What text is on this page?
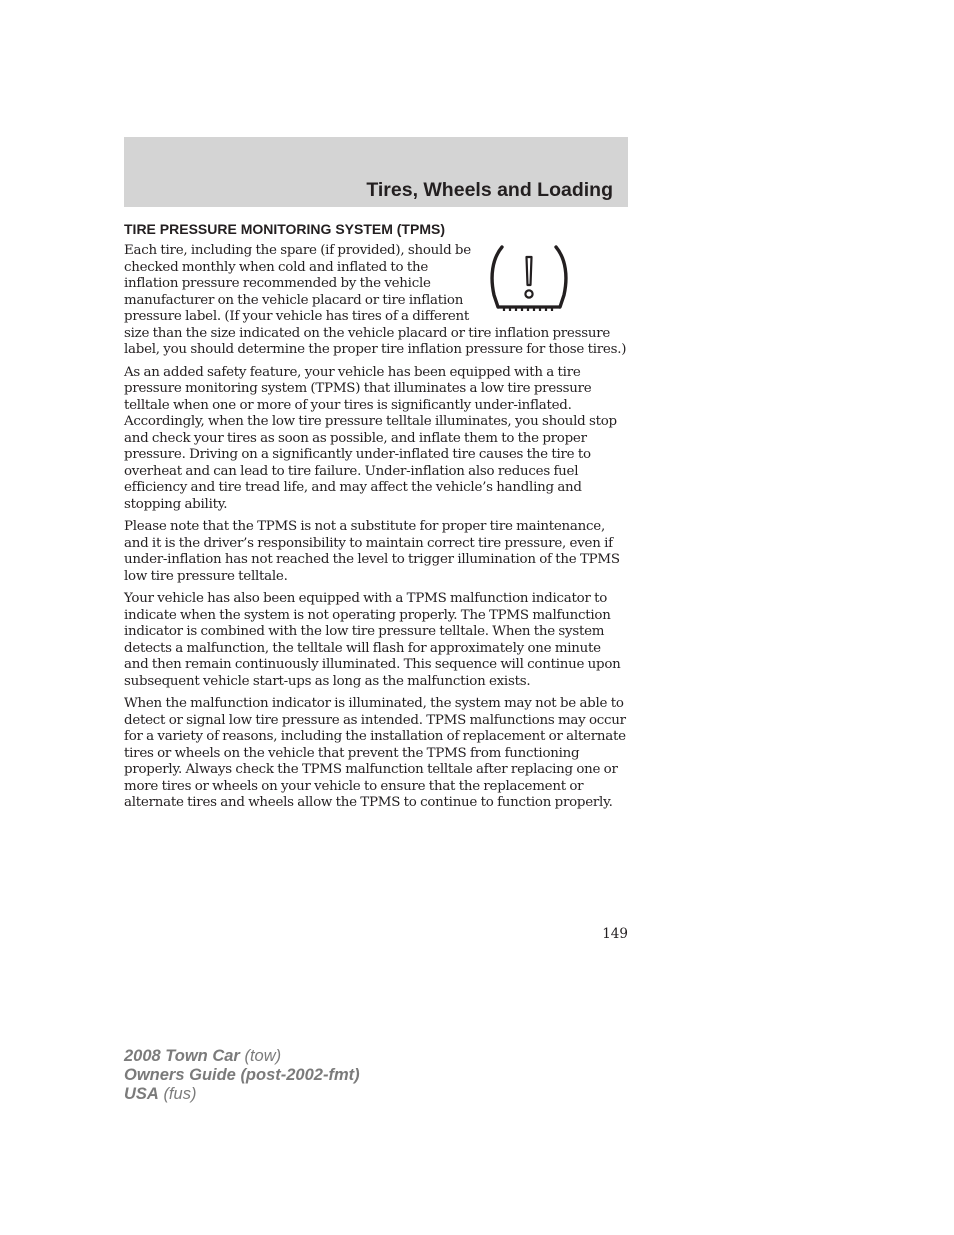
Tires, Wheels and Loading
TIRE PRESSURE MONITORING SYSTEM (TPMS)

Each tire, including the spare (if provided), should be checked monthly when cold and inflated to the inflation pressure recommended by the vehicle manufacturer on the vehicle placard or tire inflation pressure label. (If your vehicle has tires of a different size than the size indicated on the vehicle placard or tire inflation pressure label, you should determine the proper tire inflation pressure for those tires.)

As an added safety feature, your vehicle has been equipped with a tire pressure monitoring system (TPMS) that illuminates a low tire pressure telltale when one or more of your tires is significantly under-inflated. Accordingly, when the low tire pressure telltale illuminates, you should stop and check your tires as soon as possible, and inflate them to the proper pressure. Driving on a significantly under-inflated tire causes the tire to overheat and can lead to tire failure. Under-inflation also reduces fuel efficiency and tire tread life, and may affect the vehicle’s handling and stopping ability.

Please note that the TPMS is not a substitute for proper tire maintenance, and it is the driver’s responsibility to maintain correct tire pressure, even if under-inflation has not reached the level to trigger illumination of the TPMS low tire pressure telltale.

Your vehicle has also been equipped with a TPMS malfunction indicator to indicate when the system is not operating properly. The TPMS malfunction indicator is combined with the low tire pressure telltale. When the system detects a malfunction, the telltale will flash for approximately one minute and then remain continuously illuminated. This sequence will continue upon subsequent vehicle start-ups as long as the malfunction exists.

When the malfunction indicator is illuminated, the system may not be able to detect or signal low tire pressure as intended. TPMS malfunctions may occur for a variety of reasons, including the installation of replacement or alternate tires or wheels on the vehicle that prevent the TPMS from functioning properly. Always check the TPMS malfunction telltale after replacing one or more tires or wheels on your vehicle to ensure that the replacement or alternate tires and wheels allow the TPMS to continue to function properly.

149
2008 Town Car (tow)
Owners Guide (post-2002-fmt)
USA (fus)
